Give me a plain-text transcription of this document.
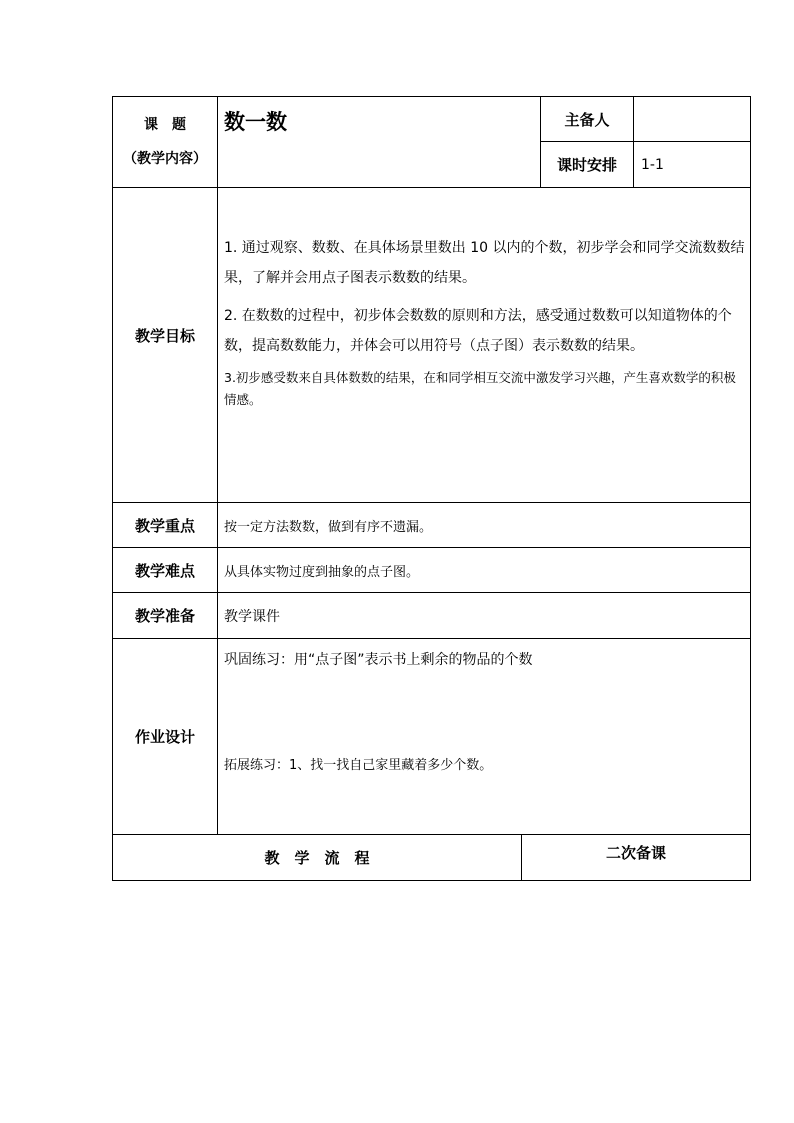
课　题
（教学内容）
数一数	主备人
课时安排 1-1
教学目标

1. 通过观察、数数、在具体场景里数出 10 以内的个数，初步学会和同学交流数数结果，了解并会用点子图表示数数的结果。

2. 在数数的过程中，初步体会数数的原则和方法，感受通过数数可以知道物体的个数，提高数数能力，并体会可以用符号（点子图）表示数数的结果。

3.初步感受数来自具体数数的结果，在和同学相互交流中激发学习兴趣，产生喜欢数学的积极情感。

教学重点 按一定方法数数，做到有序不遗漏。
教学难点 从具体实物过度到抽象的点子图。
教学准备 教学课件
作业设计
巩固练习：用“点子图”表示书上剩余的物品的个数
拓展练习：1、找一找自己家里藏着多少个数。
教　学　流　程	二次备课
